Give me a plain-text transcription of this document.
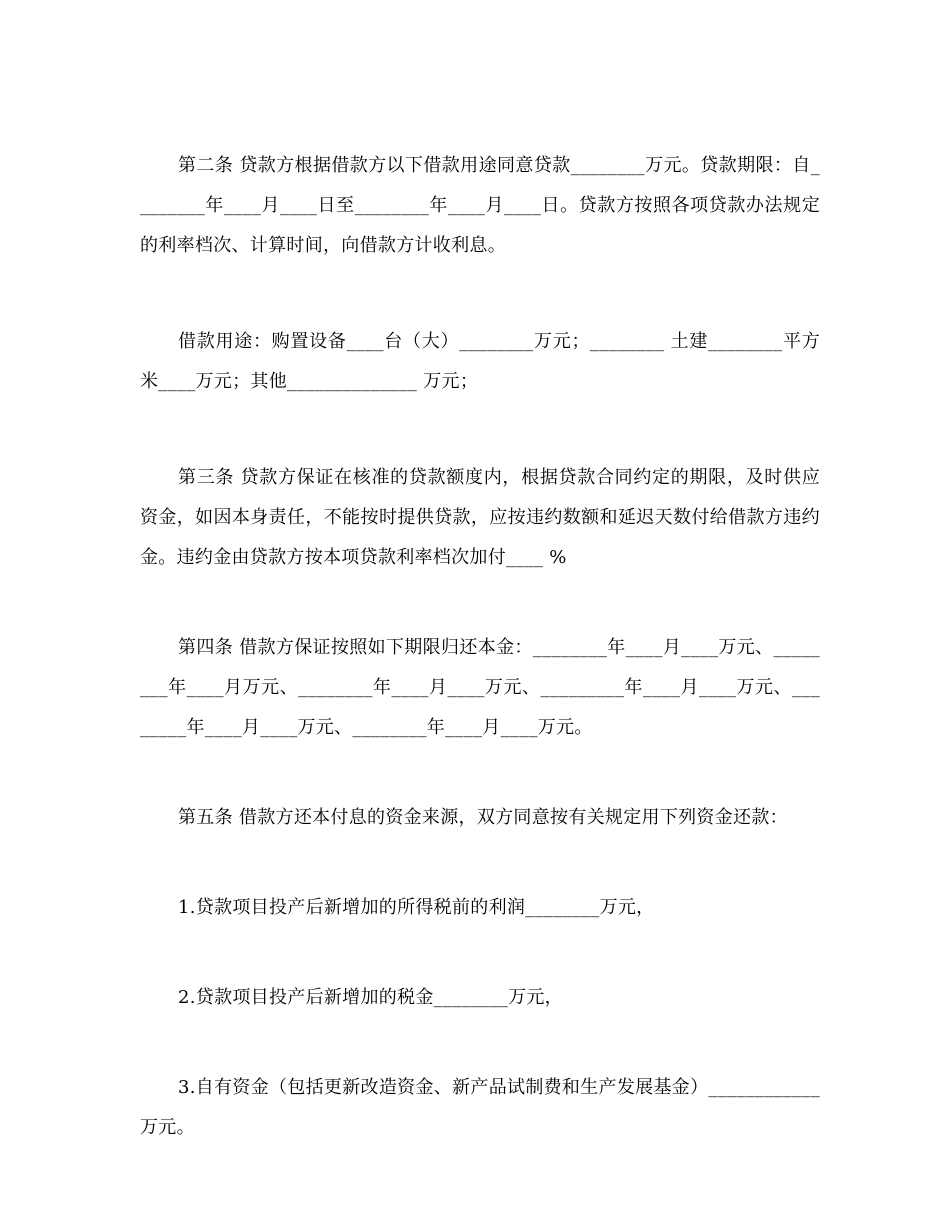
第二条 贷款方根据借款方以下借款用途同意贷款________万元。贷款期限：自________年____月____日至________年____月____日。贷款方按照各项贷款办法规定的利率档次、计算时间，向借款方计收利息。

借款用途：购置设备____台（大）________万元；________ 土建________平方米____万元；其他______________ 万元；

第三条 贷款方保证在核准的贷款额度内，根据贷款合同约定的期限，及时供应资金，如因本身责任，不能按时提供贷款，应按违约数额和延迟天数付给借款方违约金。违约金由贷款方按本项贷款利率档次加付____ %

第四条 借款方保证按照如下期限归还本金：________年____月____万元、________年____月万元、________年____月____万元、_________年____月____万元、________年____月____万元、________年____月____万元。

第五条 借款方还本付息的资金来源，双方同意按有关规定用下列资金还款：

1.贷款项目投产后新增加的所得税前的利润________万元，

2.贷款项目投产后新增加的税金________万元，

3.自有资金（包括更新改造资金、新产品试制费和生产发展基金）____________万元。
